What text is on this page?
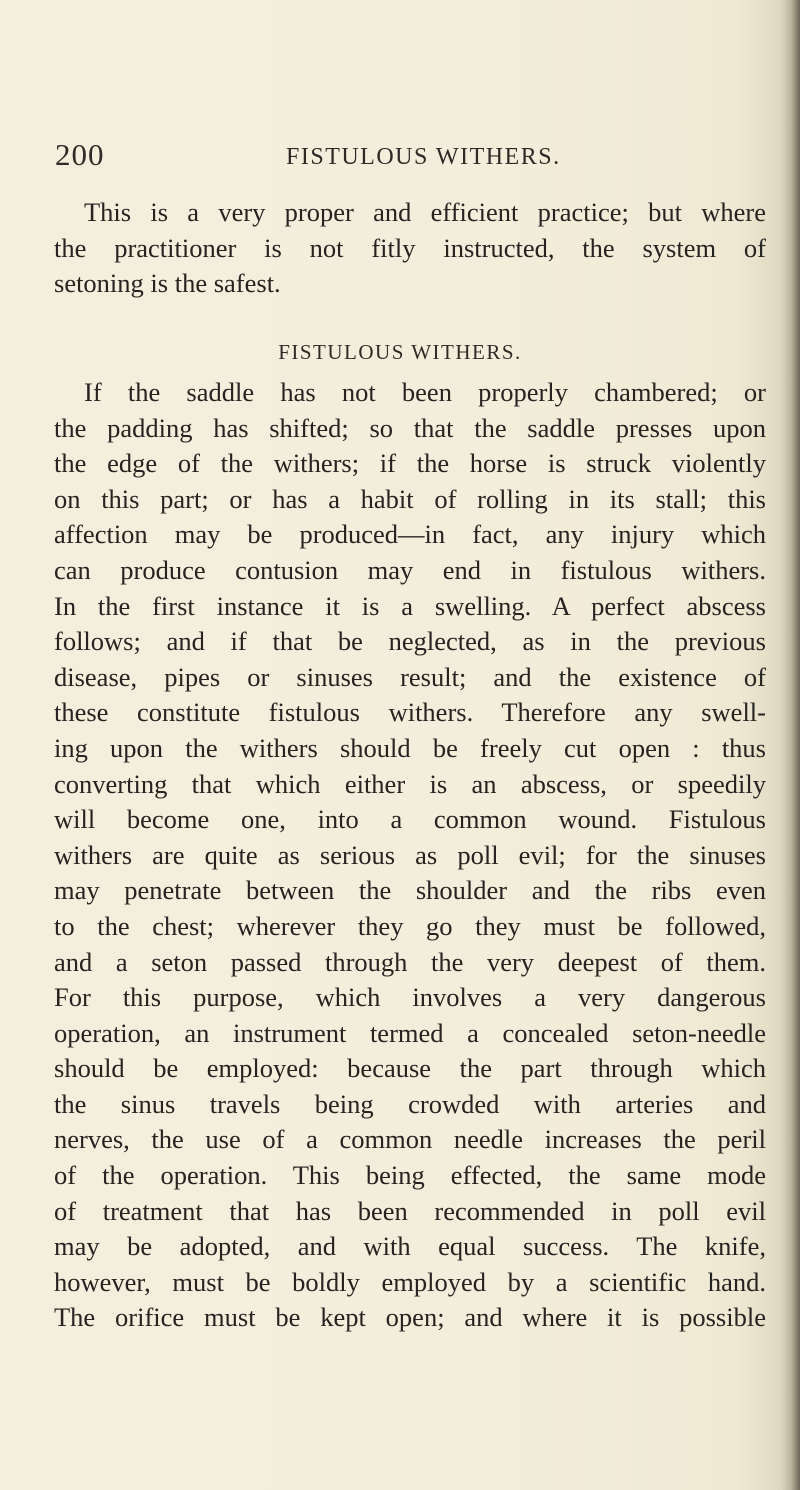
200	FISTULOUS WITHERS.
This is a very proper and efficient practice; but where
the practitioner is not fitly instructed, the system of
setoning is the safest.
FISTULOUS WITHERS.
If the saddle has not been properly chambered; or
the padding has shifted; so that the saddle presses upon
the edge of the withers; if the horse is struck violently
on this part; or has a habit of rolling in its stall; this
affection may be produced—in fact, any injury which
can produce contusion may end in fistulous withers.
In the first instance it is a swelling. A perfect abscess
follows; and if that be neglected, as in the previous
disease, pipes or sinuses result; and the existence of
these constitute fistulous withers. Therefore any swell-
ing upon the withers should be freely cut open : thus
converting that which either is an abscess, or speedily
will become one, into a common wound. Fistulous
withers are quite as serious as poll evil; for the sinuses
may penetrate between the shoulder and the ribs even
to the chest; wherever they go they must be followed,
and a seton passed through the very deepest of them.
For this purpose, which involves a very dangerous
operation, an instrument termed a concealed seton-needle
should be employed: because the part through which
the sinus travels being crowded with arteries and
nerves, the use of a common needle increases the peril
of the operation. This being effected, the same mode
of treatment that has been recommended in poll evil
may be adopted, and with equal success. The knife,
however, must be boldly employed by a scientific hand.
The orifice must be kept open; and where it is possible
